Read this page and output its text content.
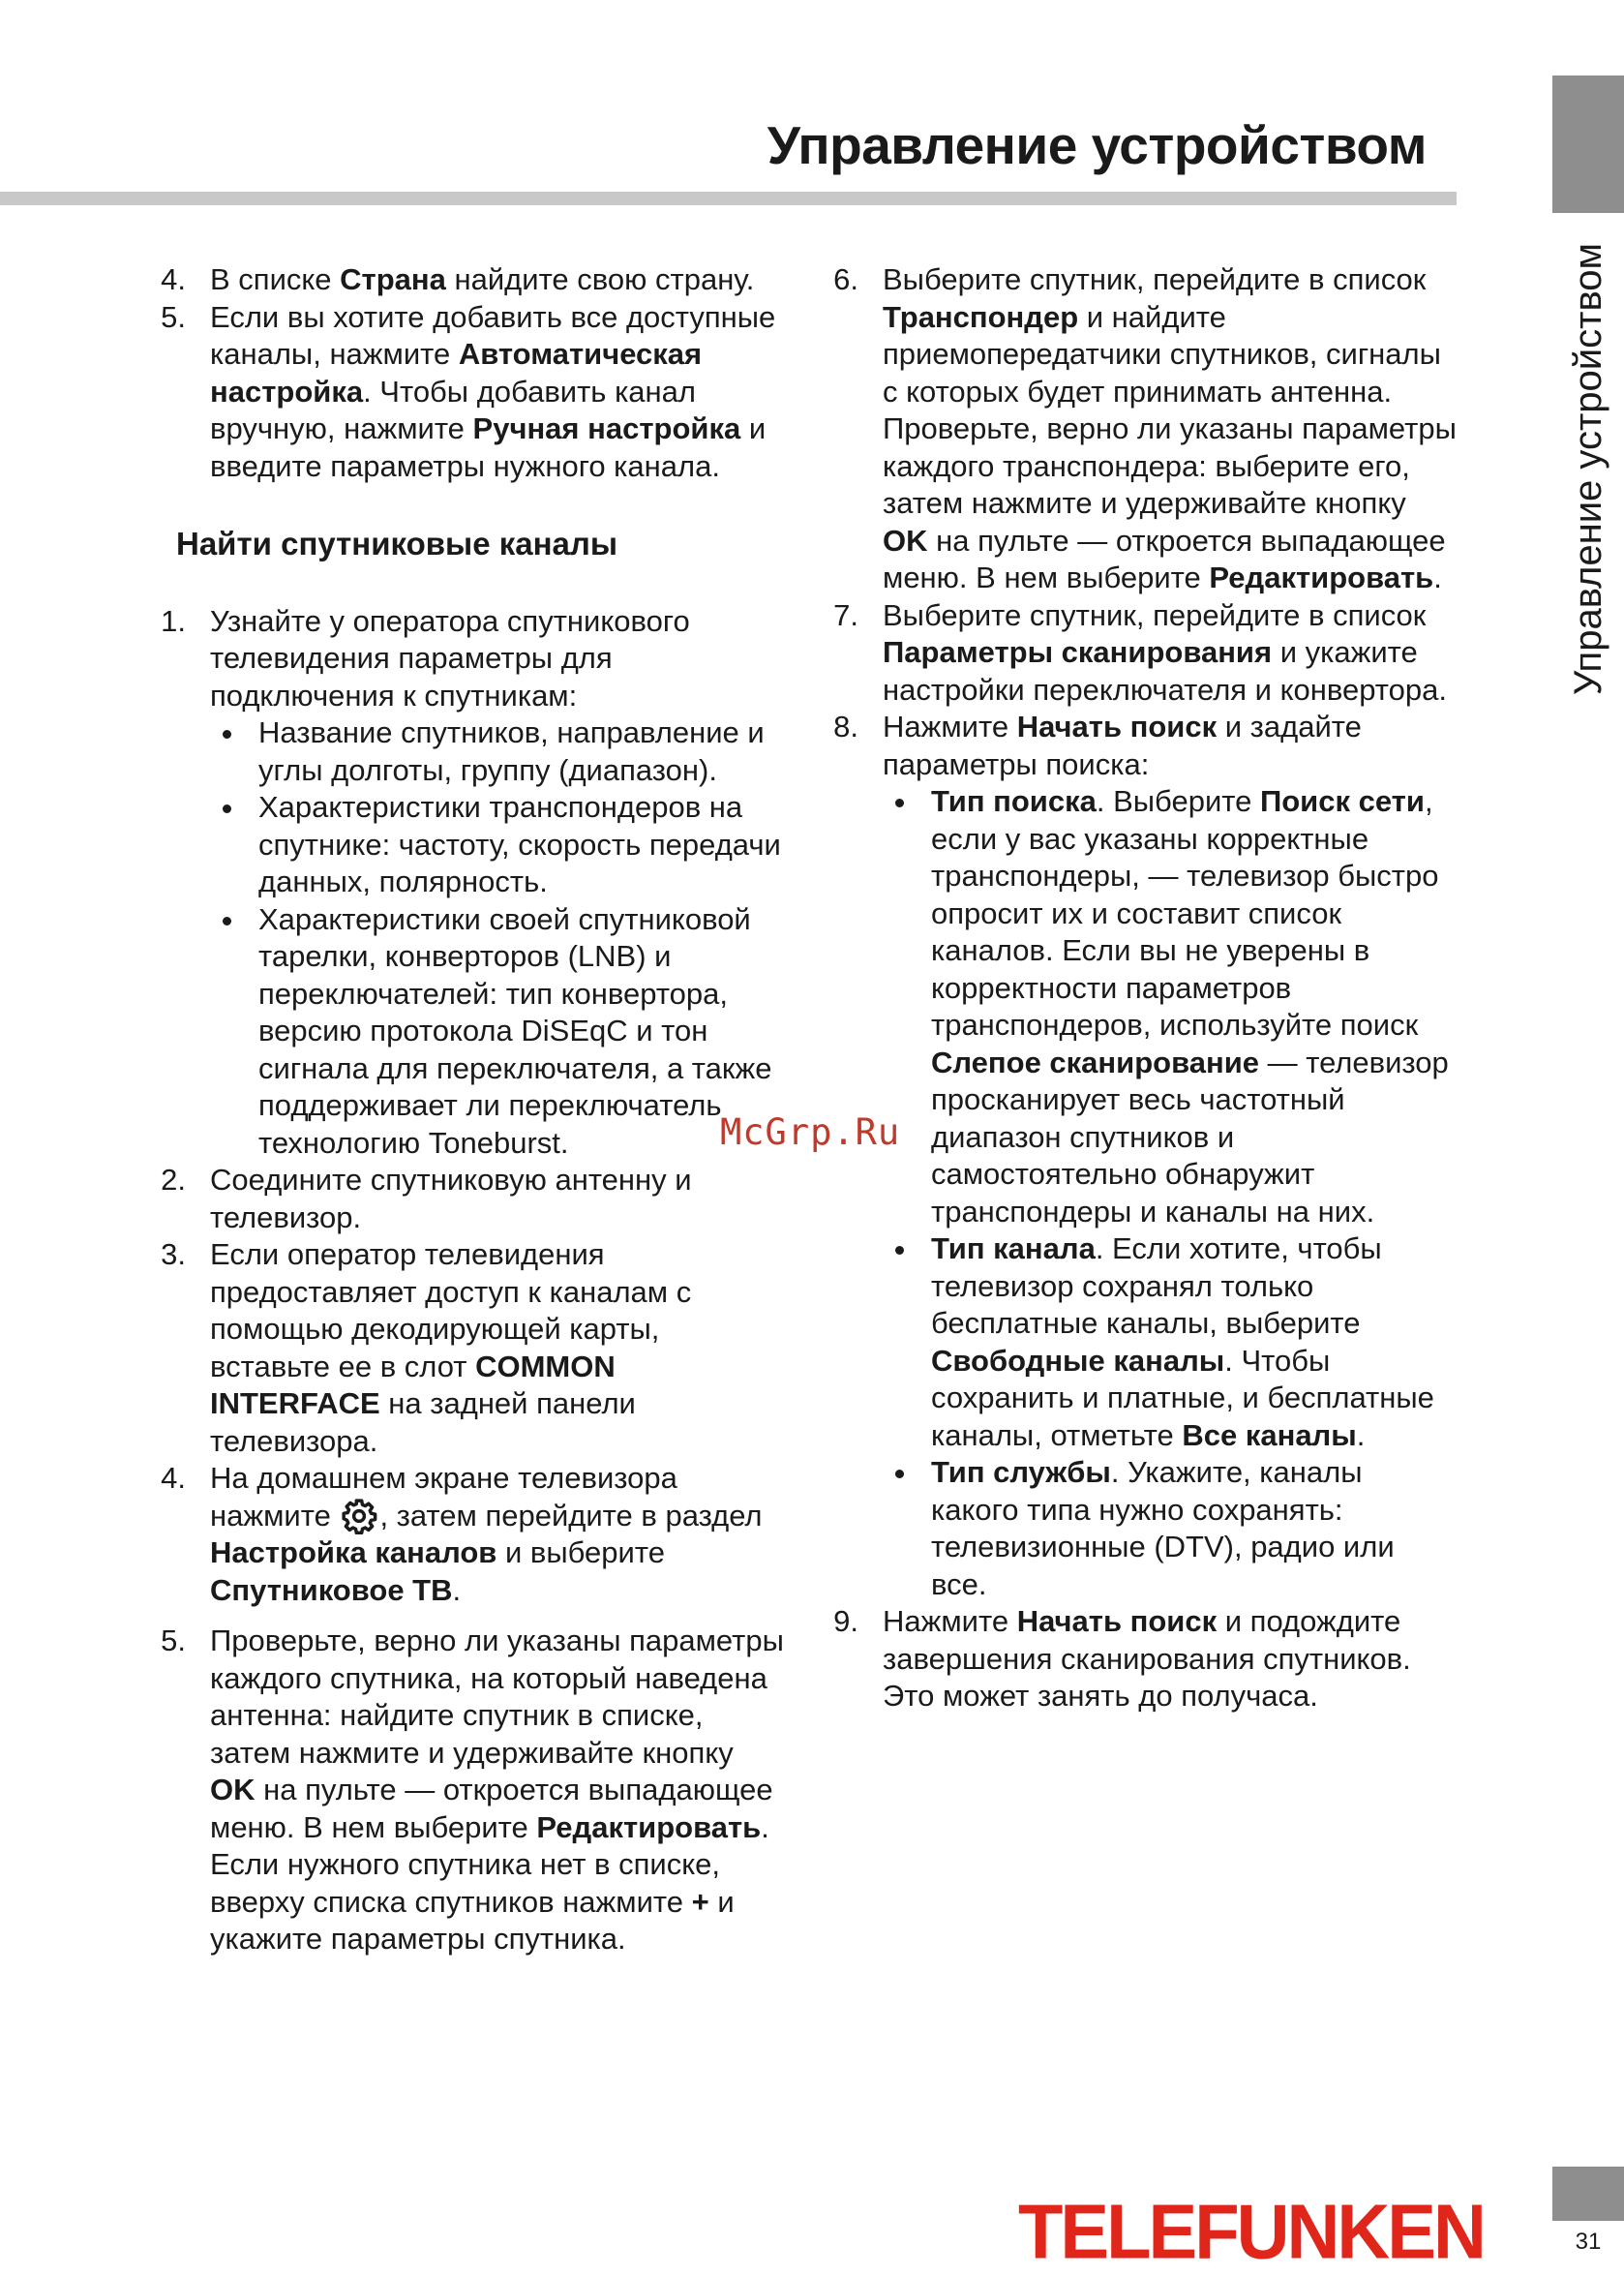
Управление устройством
Управление устройством
4. В списке Страна найдите свою страну.

5. Если вы хотите добавить все доступные каналы, нажмите Автоматическая настройка. Чтобы добавить канал вручную, нажмите Ручная настройка и введите параметры нужного канала.

Найти спутниковые каналы
1. Узнайте у оператора спутникового телевидения параметры для подключения к спутникам:

Название спутников, направление и углы долготы, группу (диапазон).
Характеристики транспондеров на спутнике: частоту, скорость передачи данных, полярность.
Характеристики своей спутниковой тарелки, конверторов (LNB) и переключателей: тип конвертора, версию протокола DiSEqC и тон сигнала для переключателя, а также поддерживает ли переключатель технологию Toneburst.
2. Соедините спутниковую антенну и телевизор.

3. Если оператор телевидения предоставляет доступ к каналам с помощью декодирующей карты, вставьте ее в слот COMMON INTERFACE на задней панели телевизора.

4. На домашнем экране телевизора нажмите , затем перейдите в раздел Настройка каналов и выберите Спутниковое ТВ.

5. Проверьте, верно ли указаны параметры каждого спутника, на который наведена антенна: найдите спутник в списке, затем нажмите и удерживайте кнопку OK на пульте — откроется выпадающее меню. В нем выберите Редактировать.

Если нужного спутника нет в списке, вверху списка спутников нажмите + и укажите параметры спутника.

6. Выберите спутник, перейдите в список Транспондер и найдите приемопередатчики спутников, сигналы с которых будет принимать антенна. Проверьте, верно ли указаны параметры каждого транспондера: выберите его, затем нажмите и удерживайте кнопку OK на пульте — откроется выпадающее меню. В нем выберите Редактировать.

7. Выберите спутник, перейдите в список Параметры сканирования и укажите настройки переключателя и конвертора.

8. Нажмите Начать поиск и задайте параметры поиска:

Тип поиска. Выберите Поиск сети, если у вас указаны корректные транспондеры, — телевизор быстро опросит их и составит список каналов. Если вы не уверены в корректности параметров транспондеров, используйте поиск Слепое сканирование — телевизор просканирует весь частотный диапазон спутников и самостоятельно обнаружит транспондеры и каналы на них.
Тип канала. Если хотите, чтобы телевизор сохранял только бесплатные каналы, выберите Свободные каналы. Чтобы сохранить и платные, и бесплатные каналы, отметьте Все каналы.
Тип службы. Укажите, каналы какого типа нужно сохранять: телевизионные (DTV), радио или все.
9. Нажмите Начать поиск и подождите завершения сканирования спутников. Это может занять до получаса.

McGrp.Ru
TELEFUNKEN	31
